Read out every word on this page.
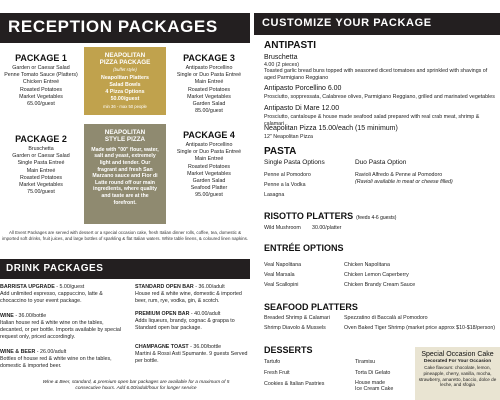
RECEPTION PACKAGES
PACKAGE 1
Garden or Caesar Salad
Penne Tomato Sauce (Platters)
Chicken Entreé
Roasted Potatoes
Market Vegetables
65.00/guest
PACKAGE 2
Bruschetta
Garden or Caesar Salad
Single Pasta Entreé
Main Entreé
Roasted Potatoes
Market Vegetables
75.00/guest
PACKAGE 3
Antipasto Porcellino
Single or Duo Pasta Entreé
Main Entreé
Roasted Potatoes
Market Vegetables
Garden Salad
85.00/guest
PACKAGE 4
Antipasto Porcellino
Single or Duo Pasta Entreé
Main Entreé
Roasted Potatoes
Market Vegetables
Garden Salad
Seafood Platter
95.00/guest
NEAPOLITAN
PIZZA PACKAGE
(buffet style)
Neapolitan Platters
Salad Bowls
4 Pizza Options
50.00/guest
min 36 - max 50 people
NEAPOLITAN
STYLE PIZZA
Made with "00" flour, water, salt and yeast, extremely light and tender. Our fragrant and fresh San Marzano sauce and Fior di Latte round off our main ingredients, where quality and taste are at the forefront.
All Event Packages are served with dessert or a special occasion cake, fresh Italian dinner rolls, coffee, tea, domestic & imported soft drinks, fruit juices, and large bottles of sparkling & flat Italian waters. White table linens, & coloured linen napkins.
DRINK PACKAGES
BARRISTA UPGRADE - 5.00/guest
Add unlimited espresso, cappuccino, latte & chocaccino to your event package.
WINE - 36.00/bottle
Italian house red & white wine on the tables, decanted, or per bottle. Imports available by special request only, priced accordingly.
WINE & BEER - 26.00/adult
Bottles of house red & white wine on the tables, domestic & imported beer.
STANDARD OPEN BAR - 36.00/adult
House red & white wine, domestic & imported beer, rum, rye, vodka, gin, & scotch.
PREMIUM OPEN BAR - 40.00/adult
Adds liqueurs, brandy, cognac & grappa to Standard open bar package.
CHAMPAGNE TOAST - 36.00/bottle
Martini & Rossi Asti Spumante. 9 guests Served per bottle.
Wine & Beer, standard, & premium open bar packages are available for a maximum of 5 consecutive hours. Add 6.00/adult/hour for longer service
CUSTOMIZE YOUR PACKAGE
ANTIPASTI
Bruschetta
4.00 (2 pieces)
Toasted garlic bread buns topped with seasoned diced tomatoes and sprinkled with shavings of aged Parmigiano Reggiano
Antipasto Porcellino 6.00
Prosciutto, soppressata, Calabrese olives, Parmigiano Reggiano, grilled and marinated vegetables
Antipasto Di Mare 12.00
Prosciutto, cantaloupe & house made seafood salad prepared with real crab meat, shrimp & calamari
Neapolitan Pizza 15.00/each (15 minimum)
12" Neapolitan Pizza
PASTA
Single Pasta Options
Penne al Pomodoro
Penne a la Vodka
Lasagna
Duo Pasta Option
Ravioli Alfredo & Penne al Pomodoro
(Ravioli available in meat or cheese filled)
RISOTTO PLATTERS (feeds 4-6 guests)
Wild Mushroom 30.00/platter
ENTRÉE OPTIONS
Veal Napolitana
Veal Marsala
Veal Scallopini
Chicken Napolitana
Chicken Lemon Caperberry
Chicken Brandy Cream Sauce
SEAFOOD PLATTERS
Breaded Shrimp & Calamari
Shrimp Diavolo & Mussels
Spezzatino di Baccalà al Pomodoro
Oven Baked Tiger Shrimp (market price approx $10-$18/person)
DESSERTS
Tartufo
Fresh Fruit
Cookies & Italian Pastries
Tiramisu
Torta Di Gelato
House made
Ice Cream Cake
Special Occasion Cake
Decorated For Your Occasion
Cake flavours: chocolate, lemon, pineapple, cherry, vanilla, mocha, strawberry, amaretto, baccio, dolce de leche, and sfogia
